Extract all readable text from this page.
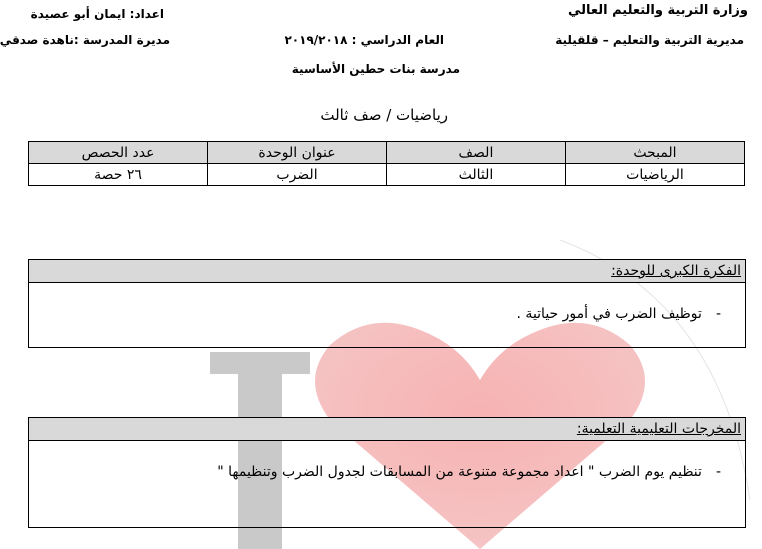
وزارة التربية والتعليم العالي
مديرية التربية والتعليم – قلقيلية
العام الدراسي : ٢٠١٩/٢٠١٨
مدرسة بنات حطين الأساسية
اعداد: ايمان أبو عصيدة
مديرة المدرسة :ناهدة صدقي
رياضيات / صف ثالث
المبحث	الصف	عنوان الوحدة	عدد الحصص
الرياضيات	الثالث	الضرب	٢٦ حصة
الفكرة الكبرى للوحدة:
-توظيف الضرب في أمور حياتية .
المخرجات التعليمية التعلمية:
-تنظيم يوم الضرب " اعداد مجموعة متنوعة من المسابقات لجدول الضرب وتنظيمها "
